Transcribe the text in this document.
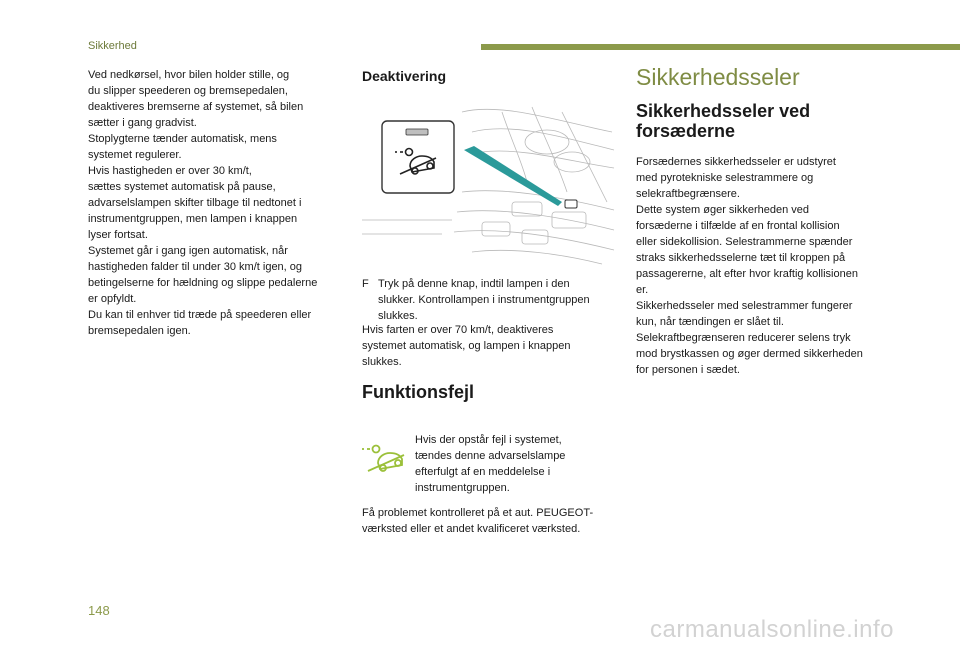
Sikkerhed

Ved nedkørsel, hvor bilen holder stille, og
du slipper speederen og bremsepedalen,
deaktiveres bremserne af systemet, så bilen
sætter i gang gradvist.
Stoplygterne tænder automatisk, mens
systemet regulerer.
Hvis hastigheden er over 30 km/t,
sættes systemet automatisk på pause,
advarselslampen skifter tilbage til nedtonet i
instrumentgruppen, men lampen i knappen
lyser fortsat.
Systemet går i gang igen automatisk, når
hastigheden falder til under 30 km/t igen, og
betingelserne for hældning og slippe pedalerne
er opfyldt.
Du kan til enhver tid træde på speederen eller
bremsepedalen igen.

Deaktivering
F Tryk på denne knap, indtil lampen i den
slukker. Kontrollampen i instrumentgruppen
slukkes.

Hvis farten er over 70 km/t, deaktiveres
systemet automatisk, og lampen i knappen
slukkes.

Funktionsfejl

Hvis der opstår fejl i systemet,
tændes denne advarselslampe
efterfulgt af en meddelelse i
instrumentgruppen.

Få problemet kontrolleret på et aut. PEUGEOT-
værksted eller et andet kvalificeret værksted.

Sikkerhedsseler
Sikkerhedsseler ved
forsæderne

Forsædernes sikkerhedsseler er udstyret
med pyrotekniske selestrammere og
selekraftbegrænsere.
Dette system øger sikkerheden ved
forsæderne i tilfælde af en frontal kollision
eller sidekollision. Selestrammerne spænder
straks sikkerhedsselerne tæt til kroppen på
passagererne, alt efter hvor kraftig kollisionen
er.
Sikkerhedsseler med selestrammer fungerer
kun, når tændingen er slået til.
Selekraftbegrænseren reducerer selens tryk
mod brystkassen og øger dermed sikkerheden
for personen i sædet.

148
carmanualsonline.info
